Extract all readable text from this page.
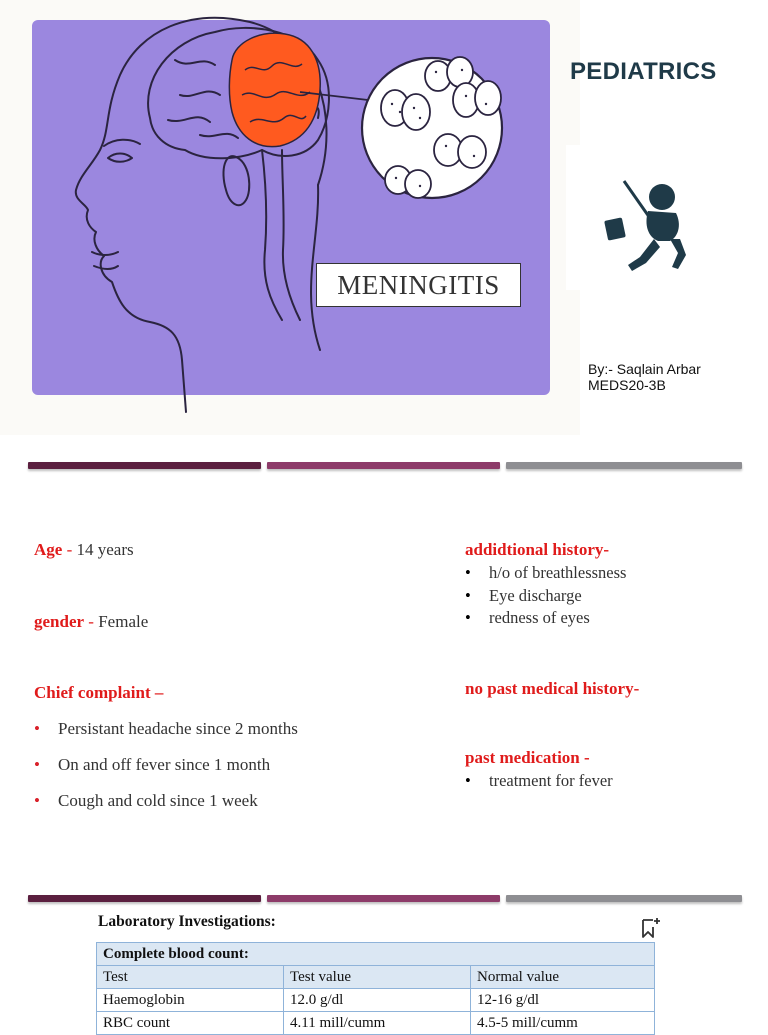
MENINGITIS
PEDIATRICS
By:- Saqlain Arbar
MEDS20-3B
Age - 14 years
gender - Female
Chief complaint –
• Persistant headache since 2 months
• On and off fever since 1 month
• Cough and cold since 1 week
addidtional history-
• h/o of breathlessness
• Eye discharge
• redness of eyes
no past medical history-
past medication -
• treatment for fever
Laboratory Investigations:
Complete blood count:		
Test	Test value	Normal value
Haemoglobin	12.0 g/dl	12-16 g/dl
RBC count	4.11 mill/cumm	4.5-5 mill/cumm
